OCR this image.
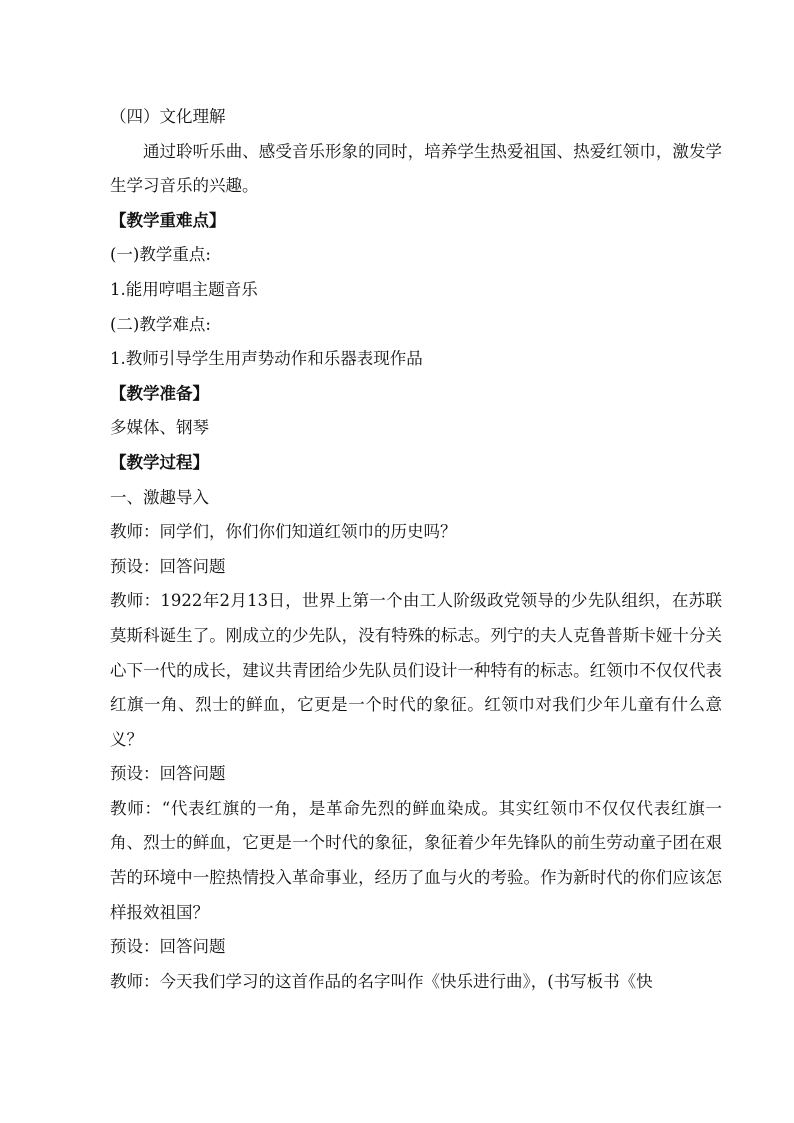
（四）文化理解
通过聆听乐曲、感受音乐形象的同时，培养学生热爱祖国、热爱红领巾，激发学生学习音乐的兴趣。
【教学重难点】
(一)教学重点:
1.能用哼唱主题音乐
(二)教学难点:
1.教师引导学生用声势动作和乐器表现作品
【教学准备】
多媒体、钢琴
【教学过程】
一、激趣导入
教师：同学们，你们你们知道红领巾的历史吗？
预设：回答问题
教师：1922年2月13日，世界上第一个由工人阶级政党领导的少先队组织，在苏联莫斯科诞生了。刚成立的少先队，没有特殊的标志。列宁的夫人克鲁普斯卡娅十分关心下一代的成长，建议共青团给少先队员们设计一种特有的标志。红领巾不仅仅代表红旗一角、烈士的鲜血，它更是一个时代的象征。红领巾对我们少年儿童有什么意义？
预设：回答问题
教师：“代表红旗的一角，是革命先烈的鲜血染成。其实红领巾不仅仅代表红旗一角、烈士的鲜血，它更是一个时代的象征，象征着少年先锋队的前生劳动童子团在艰苦的环境中一腔热情投入革命事业，经历了血与火的考验。作为新时代的你们应该怎样报效祖国？
预设：回答问题
教师：今天我们学习的这首作品的名字叫作《快乐进行曲》，(书写板书《快
